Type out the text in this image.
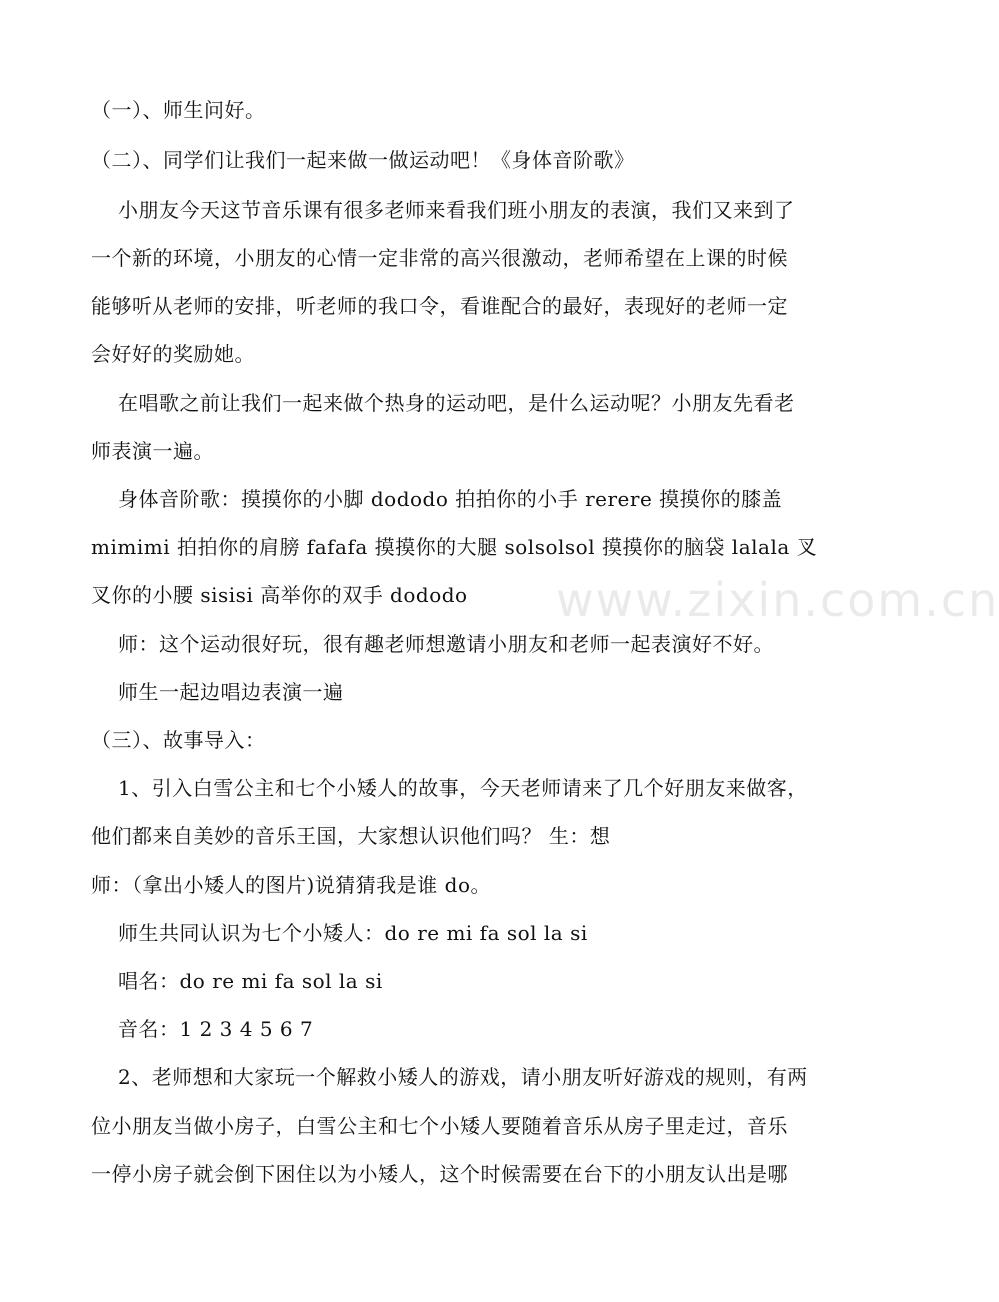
www.zixin.com.cn
（一）、师生问好。
（二）、同学们让我们一起来做一做运动吧！《身体音阶歌》
小朋友今天这节音乐课有很多老师来看我们班小朋友的表演，我们又来到了
一个新的环境，小朋友的心情一定非常的高兴很激动，老师希望在上课的时候
能够听从老师的安排，听老师的我口令，看谁配合的最好，表现好的老师一定
会好好的奖励她。
在唱歌之前让我们一起来做个热身的运动吧，是什么运动呢？小朋友先看老
师表演一遍。
身体音阶歌：摸摸你的小脚 dododo 拍拍你的小手 rerere 摸摸你的膝盖
mimimi 拍拍你的肩膀 fafafa 摸摸你的大腿 solsolsol 摸摸你的脑袋 lalala 叉
叉你的小腰 sisisi 高举你的双手 dododo
师：这个运动很好玩，很有趣老师想邀请小朋友和老师一起表演好不好。
师生一起边唱边表演一遍
（三）、故事导入：
1、引入白雪公主和七个小矮人的故事，今天老师请来了几个好朋友来做客，
他们都来自美妙的音乐王国，大家想认识他们吗？ 生：想
师：（拿出小矮人的图片)说猜猜我是谁 do。
师生共同认识为七个小矮人：do re mi fa sol la si
唱名：do re mi fa sol la si
音名：1 2 3 4 5 6 7
2、老师想和大家玩一个解救小矮人的游戏，请小朋友听好游戏的规则，有两
位小朋友当做小房子，白雪公主和七个小矮人要随着音乐从房子里走过，音乐
一停小房子就会倒下困住以为小矮人，这个时候需要在台下的小朋友认出是哪
